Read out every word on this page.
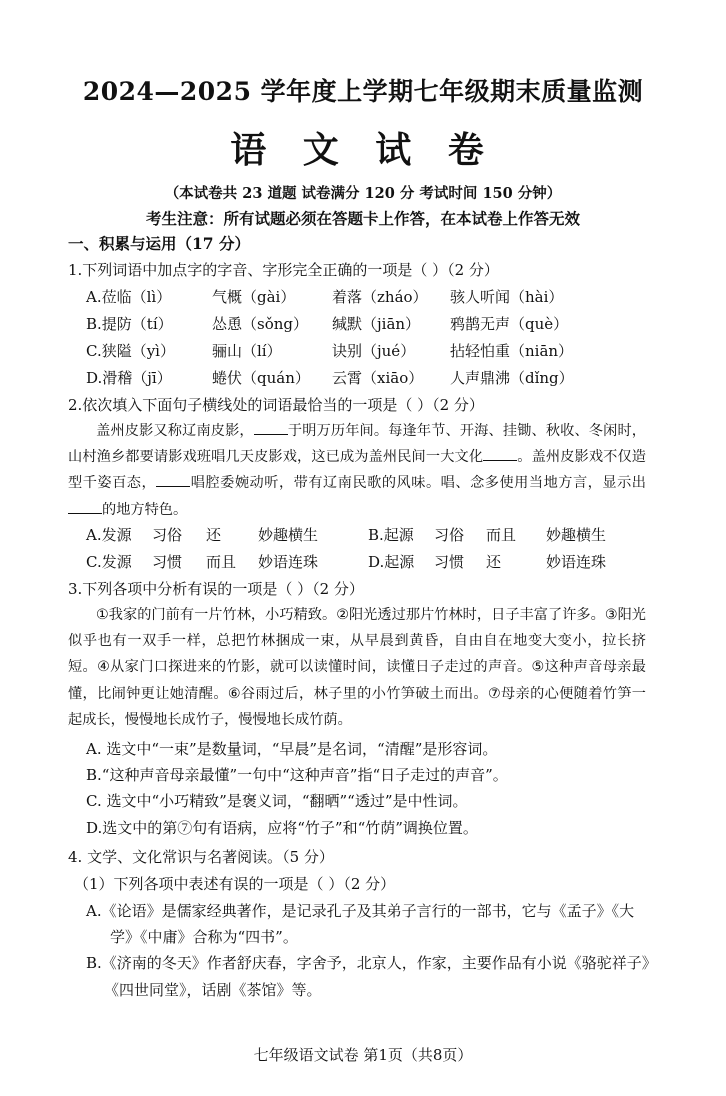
2024—2025 学年度上学期七年级期末质量监测
语 文 试 卷
（本试卷共 23 道题 试卷满分 120 分 考试时间 150 分钟）
考生注意：所有试题必须在答题卡上作答，在本试卷上作答无效
一、积累与运用（17 分）
1.下列词语中加点字的字音、字形完全正确的一项是（ ）（2 分）
A.莅临（lì）	气概（gài） 着落（zháo） 骇人听闻（hài）
B.提防（tí）	怂恿（sǒng） 缄默（jiān） 鸦鹊无声（què）
C.狭隘（yì） 骊山（lí）	诀别（jué） 拈轻怕重（niān）
D.滑稽（jī）	蜷伏（quán） 云霄（xiāo） 人声鼎沸（dǐng）
2.依次填入下面句子横线处的词语最恰当的一项是（ ）（2 分）
盖州皮影又称辽南皮影， 于明万历年间。每逢年节、开海、挂锄、秋收、冬闲时，山村渔乡都要请影戏班唱几天皮影戏，这已成为盖州民间一大文化 。盖州皮影戏不仅造型千姿百态， 唱腔委婉动听，带有辽南民歌的风味。唱、念多使用当地方言，显示出的地方特色。
A.发源 习俗 还 妙趣横生	B.起源 习俗 而且 妙趣横生
C.发源 习惯 而且 妙语连珠	D.起源 习惯 还	妙语连珠
3.下列各项中分析有误的一项是（ ）（2 分）
①我家的门前有一片竹林，小巧精致。②阳光透过那片竹林时，日子丰富了许多。③阳光似乎也有一双手一样，总把竹林捆成一束，从早晨到黄昏，自由自在地变大变小，拉长挤短。④从家门口探进来的竹影，就可以读懂时间，读懂日子走过的声音。⑤这种声音母亲最懂，比闹钟更让她清醒。⑥谷雨过后，林子里的小竹笋破土而出。⑦母亲的心便随着竹笋一起成长，慢慢地长成竹子，慢慢地长成竹荫。
A. 选文中“一束”是数量词，“早晨”是名词，“清醒”是形容词。
B.“这种声音母亲最懂”一句中“这种声音”指“日子走过的声音”。
C. 选文中“小巧精致”是褒义词，“翻晒”“透过”是中性词。
D.选文中的第⑦句有语病，应将“竹子”和“竹荫”调换位置。
4. 文学、文化常识与名著阅读。（5 分）
（1）下列各项中表述有误的一项是（ ）（2 分）
A.《论语》是儒家经典著作，是记录孔子及其弟子言行的一部书，它与《孟子》《大
学》《中庸》合称为“四书”。
B.《济南的冬天》作者舒庆春，字舍予，北京人，作家，主要作品有小说《骆驼祥子》
《四世同堂》，话剧《茶馆》等。
七年级语文试卷 第1页（共8页）
